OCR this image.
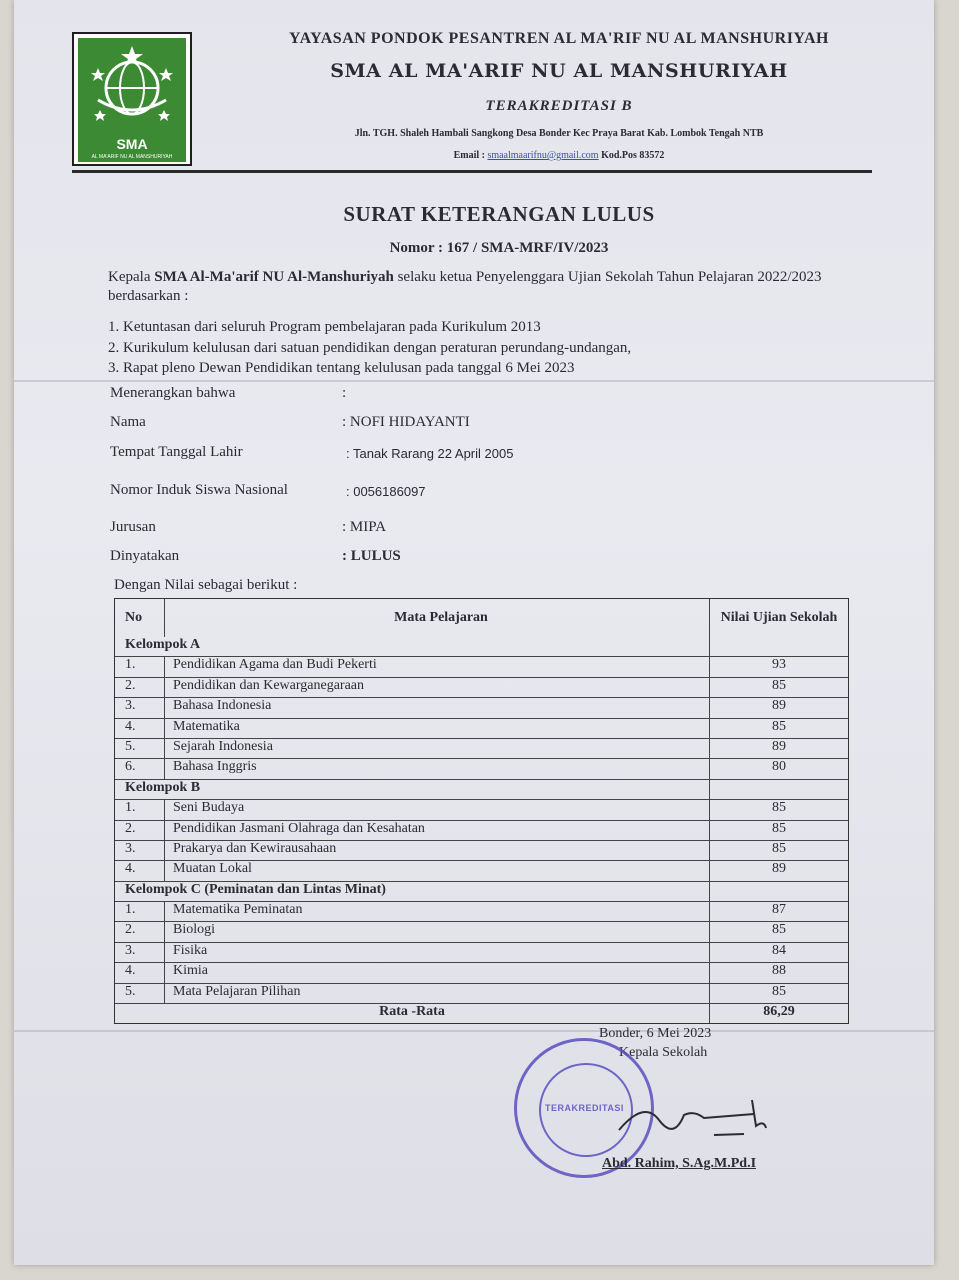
SMA
AL MA'ARIF NU AL MANSHURIYAH
YAYASAN PONDOK PESANTREN AL MA'RIF NU AL MANSHURIYAH
SMA AL MA'ARIF NU AL MANSHURIYAH
TERAKREDITASI B
Jln. TGH. Shaleh Hambali Sangkong Desa Bonder Kec Praya Barat Kab. Lombok Tengah NTB
Email : smaalmaarifnu@gmail.com Kod.Pos 83572
SURAT KETERANGAN LULUS
Nomor : 167 / SMA-MRF/IV/2023
Kepala SMA Al-Ma'arif NU Al-Manshuriyah selaku ketua Penyelenggara Ujian Sekolah Tahun Pelajaran 2022/2023 berdasarkan :
1. Ketuntasan dari seluruh Program pembelajaran pada Kurikulum 2013
2. Kurikulum kelulusan dari satuan pendidikan dengan peraturan perundang-undangan,
3. Rapat pleno Dewan Pendidikan tentang kelulusan pada tanggal 6 Mei 2023
Menerangkan bahwa	:
Nama	: NOFI HIDAYANTI
Tempat Tanggal Lahir	: Tanak Rarang 22 April 2005
Nomor Induk Siswa Nasional	: 0056186097
Jurusan	: MIPA
Dinyatakan	: LULUS
Dengan Nilai sebagai berikut :
No	Mata Pelajaran	Nilai Ujian Sekolah
Kelompok A
1.	Pendidikan Agama dan Budi Pekerti	93
2.	Pendidikan dan Kewarganegaraan	85
3.	Bahasa Indonesia	89
4.	Matematika	85
5.	Sejarah Indonesia	89
6.	Bahasa Inggris	80
Kelompok B
1.	Seni Budaya	85
2.	Pendidikan Jasmani Olahraga dan Kesahatan	85
3.	Prakarya dan Kewirausahaan	85
4.	Muatan Lokal	89
Kelompok C (Peminatan dan Lintas Minat)
1.	Matematika Peminatan	87
2.	Biologi	85
3.	Fisika	84
4.	Kimia	88
5.	Mata Pelajaran Pilihan	85
Rata -Rata	86,29
Bonder, 6 Mei 2023
Kepala Sekolah
TERAKREDITASI
Abd. Rahim, S.Ag.M.Pd.I
